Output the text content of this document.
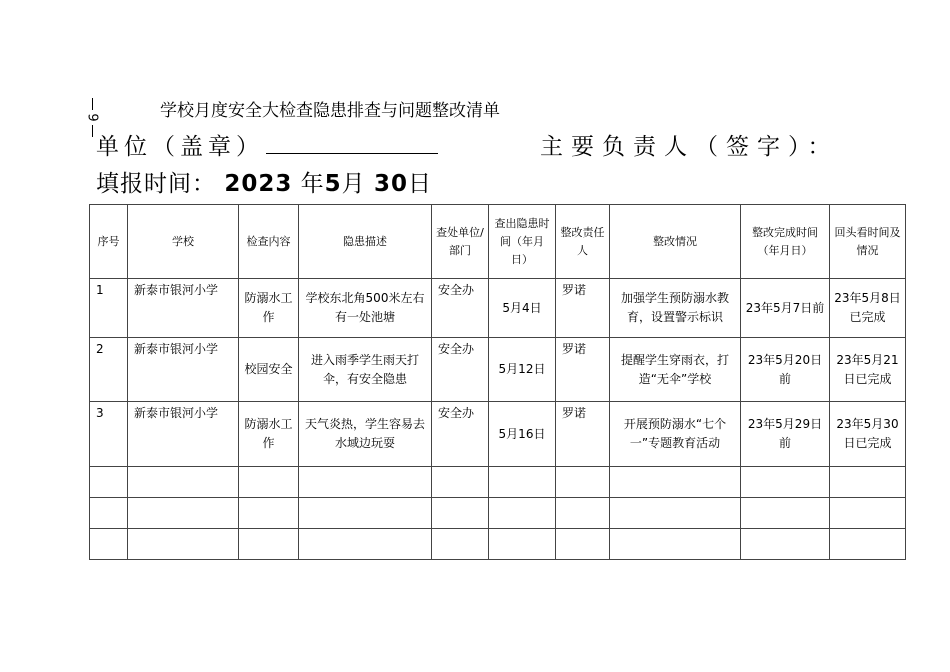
9	学校月度安全大检查隐患排查与问题整改清单
单位（盖章）	主要负责人（签字）：
填报时间： 2023 年5月 30日
序号	学校	检查内容	隐患描述	查处单位/部门	查出隐患时间（年月日）	整改责任人	整改情况	整改完成时间（年月日）	回头看时间及情况
1	新泰市银河小学	防溺水工作	学校东北角500米左右有一处池塘	安全办	5月4日	罗诺	加强学生预防溺水教育，设置警示标识	23年5月7日前	23年5月8日已完成
2	新泰市银河小学	校园安全	进入雨季学生雨天打伞，有安全隐患	安全办	5月12日	罗诺	提醒学生穿雨衣，打造“无伞”学校	23年5月20日前	23年5月21日已完成
3	新泰市银河小学	防溺水工作	天气炎热，学生容易去水域边玩耍	安全办	5月16日	罗诺	开展预防溺水“七个一”专题教育活动	23年5月29日前	23年5月30日已完成
